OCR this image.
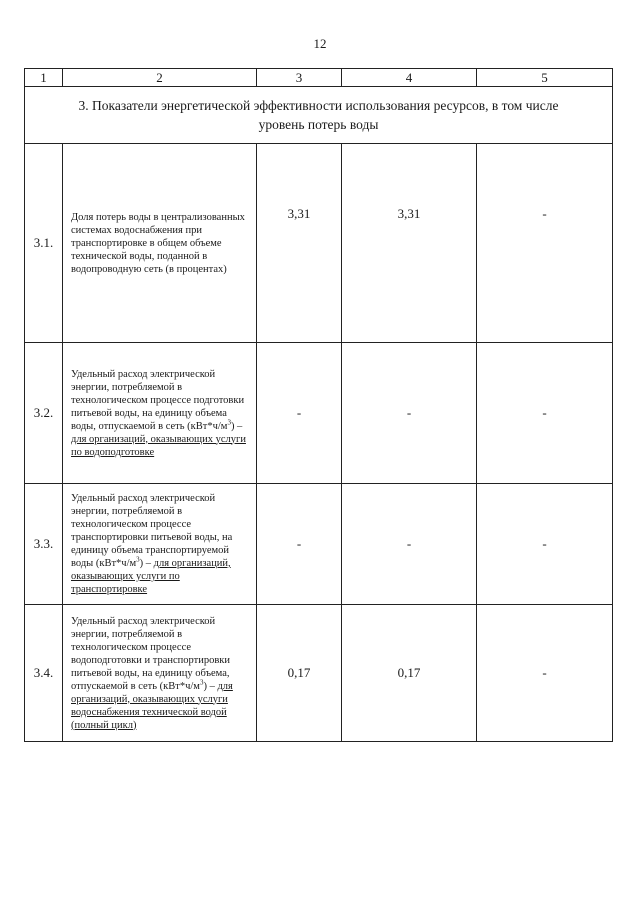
12
1	2	3	4	5

3. Показатели энергетической эффективности использования ресурсов, в том числе
уровень потерь воды				

3.1.	Доля потерь воды в централизованных системах водоснабжения при транспортировке в общем объеме технической воды, поданной в водопроводную сеть (в процентах)	3,31	3,31	-
3.2.	Удельный расход электрической энергии, потребляемой в технологическом процессе подготовки питьевой воды, на единицу объема воды, отпускаемой в сеть $(кВт*ч/м^3)$ – для организаций, оказывающих услуги по водоподготовке	-	-	-
3.3.	Удельный расход электрической энергии, потребляемой в технологическом процессе транспортировки питьевой воды, на единицу объема транспортируемой воды $(кВт*ч/м^3)$ – для организаций, оказывающих услуги по транспортировке	-	-	-
3.4.	Удельный расход электрической энергии, потребляемой в технологическом процессе водоподготовки и транспортировки питьевой воды, на единицу объема, отпускаемой в сеть $(кВт*ч/м^3)$ – для организаций, оказывающих услуги водоснабжения технической водой (полный цикл)	0,17	0,17	-
